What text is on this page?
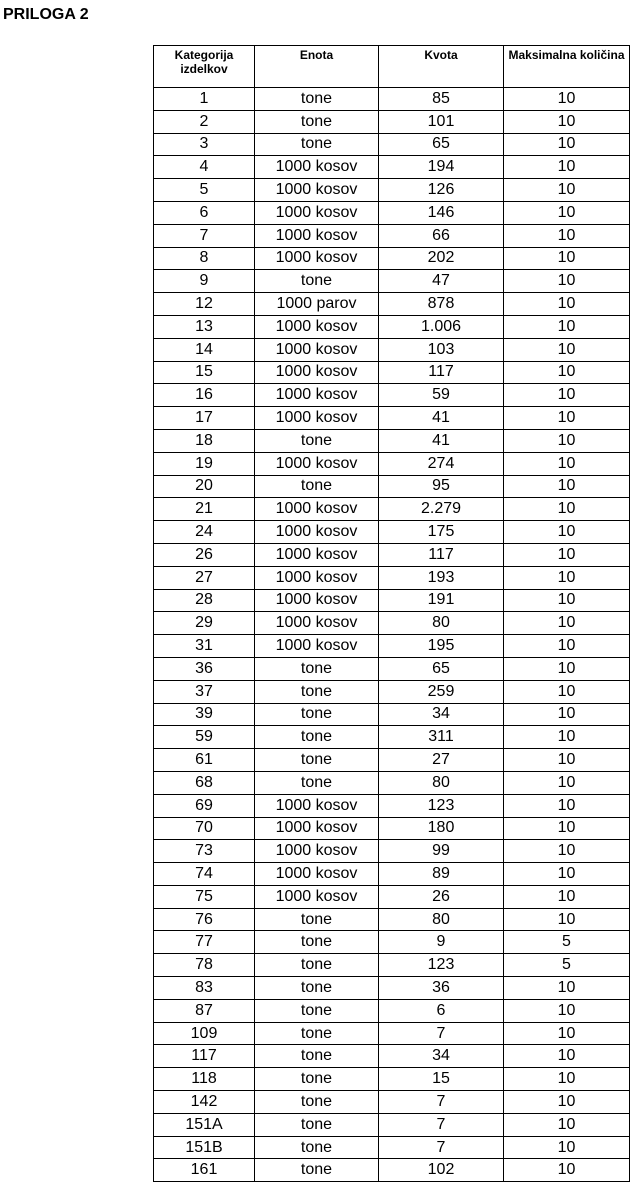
PRILOGA 2
Kategorija izdelkov	Enota	Kvota	Maksimalna količina
1	tone	85	10
2	tone	101	10
3	tone	65	10
4	1000 kosov	194	10
5	1000 kosov	126	10
6	1000 kosov	146	10
7	1000 kosov	66	10
8	1000 kosov	202	10
9	tone	47	10
12	1000 parov	878	10
13	1000 kosov	1.006	10
14	1000 kosov	103	10
15	1000 kosov	117	10
16	1000 kosov	59	10
17	1000 kosov	41	10
18	tone	41	10
19	1000 kosov	274	10
20	tone	95	10
21	1000 kosov	2.279	10
24	1000 kosov	175	10
26	1000 kosov	117	10
27	1000 kosov	193	10
28	1000 kosov	191	10
29	1000 kosov	80	10
31	1000 kosov	195	10
36	tone	65	10
37	tone	259	10
39	tone	34	10
59	tone	311	10
61	tone	27	10
68	tone	80	10
69	1000 kosov	123	10
70	1000 kosov	180	10
73	1000 kosov	99	10
74	1000 kosov	89	10
75	1000 kosov	26	10
76	tone	80	10
77	tone	9	5
78	tone	123	5
83	tone	36	10
87	tone	6	10
109	tone	7	10
117	tone	34	10
118	tone	15	10
142	tone	7	10
151A	tone	7	10
151B	tone	7	10
161	tone	102	10
